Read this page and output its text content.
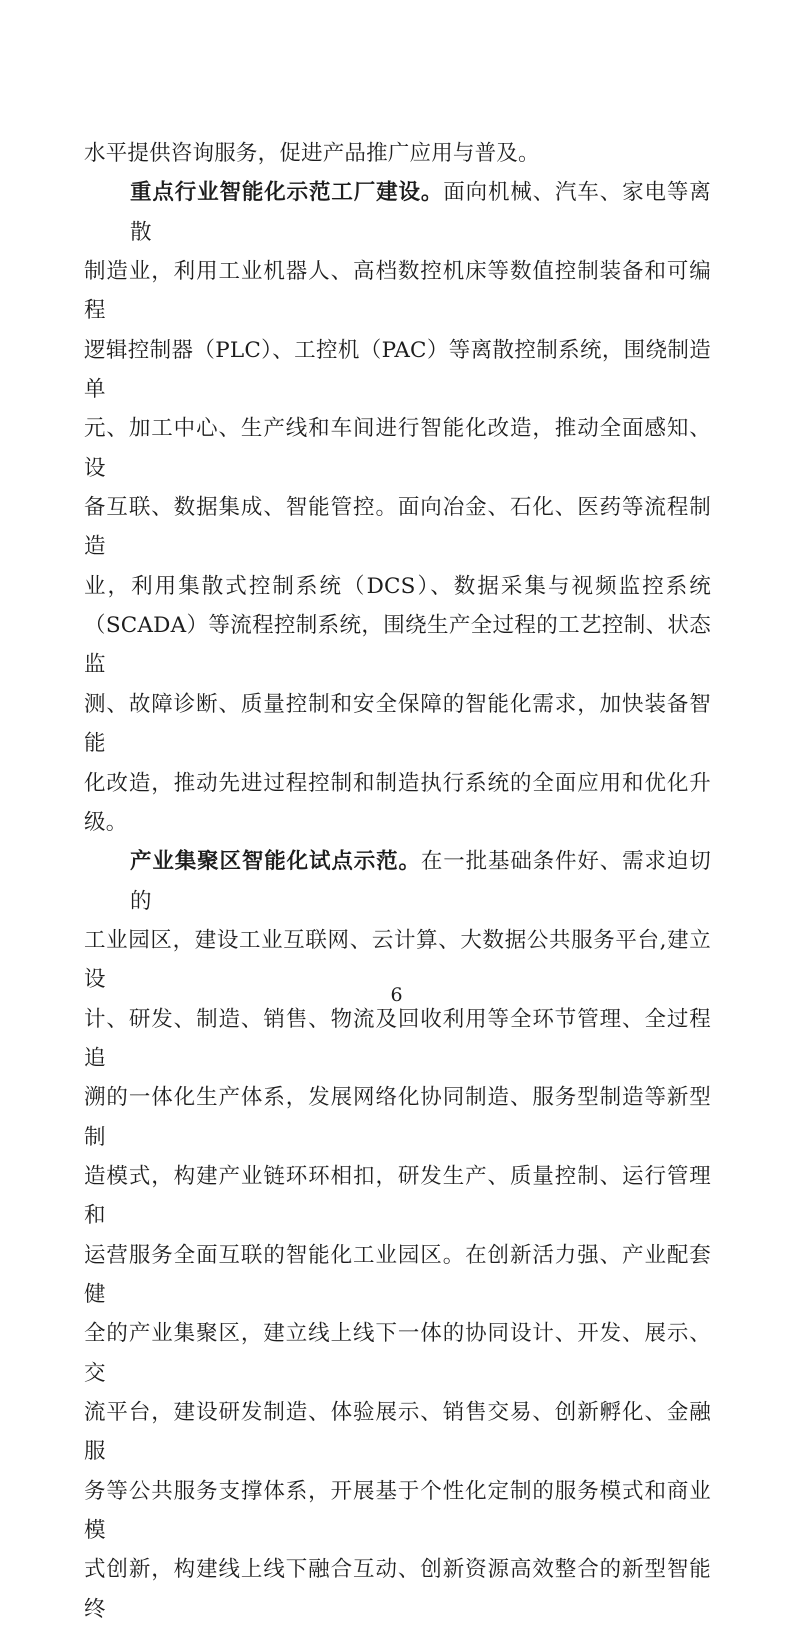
水平提供咨询服务，促进产品推广应用与普及。
重点行业智能化示范工厂建设。面向机械、汽车、家电等离散
制造业，利用工业机器人、高档数控机床等数值控制装备和可编程
逻辑控制器（PLC）、工控机（PAC）等离散控制系统，围绕制造单
元、加工中心、生产线和车间进行智能化改造，推动全面感知、设
备互联、数据集成、智能管控。面向冶金、石化、医药等流程制造
业，利用集散式控制系统（DCS）、数据采集与视频监控系统
（SCADA）等流程控制系统，围绕生产全过程的工艺控制、状态监
测、故障诊断、质量控制和安全保障的智能化需求，加快装备智能
化改造，推动先进过程控制和制造执行系统的全面应用和优化升
级。
产业集聚区智能化试点示范。在一批基础条件好、需求迫切的
工业园区，建设工业互联网、云计算、大数据公共服务平台,建立设
计、研发、制造、销售、物流及回收利用等全环节管理、全过程追
溯的一体化生产体系，发展网络化协同制造、服务型制造等新型制
造模式，构建产业链环环相扣，研发生产、质量控制、运行管理和
运营服务全面互联的智能化工业园区。在创新活力强、产业配套健
全的产业集聚区，建立线上线下一体的协同设计、开发、展示、交
流平台，建设研发制造、体验展示、销售交易、创新孵化、金融服
务等公共服务支撑体系，开展基于个性化定制的服务模式和商业模
式创新，构建线上线下融合互动、创新资源高效整合的新型智能终
6
